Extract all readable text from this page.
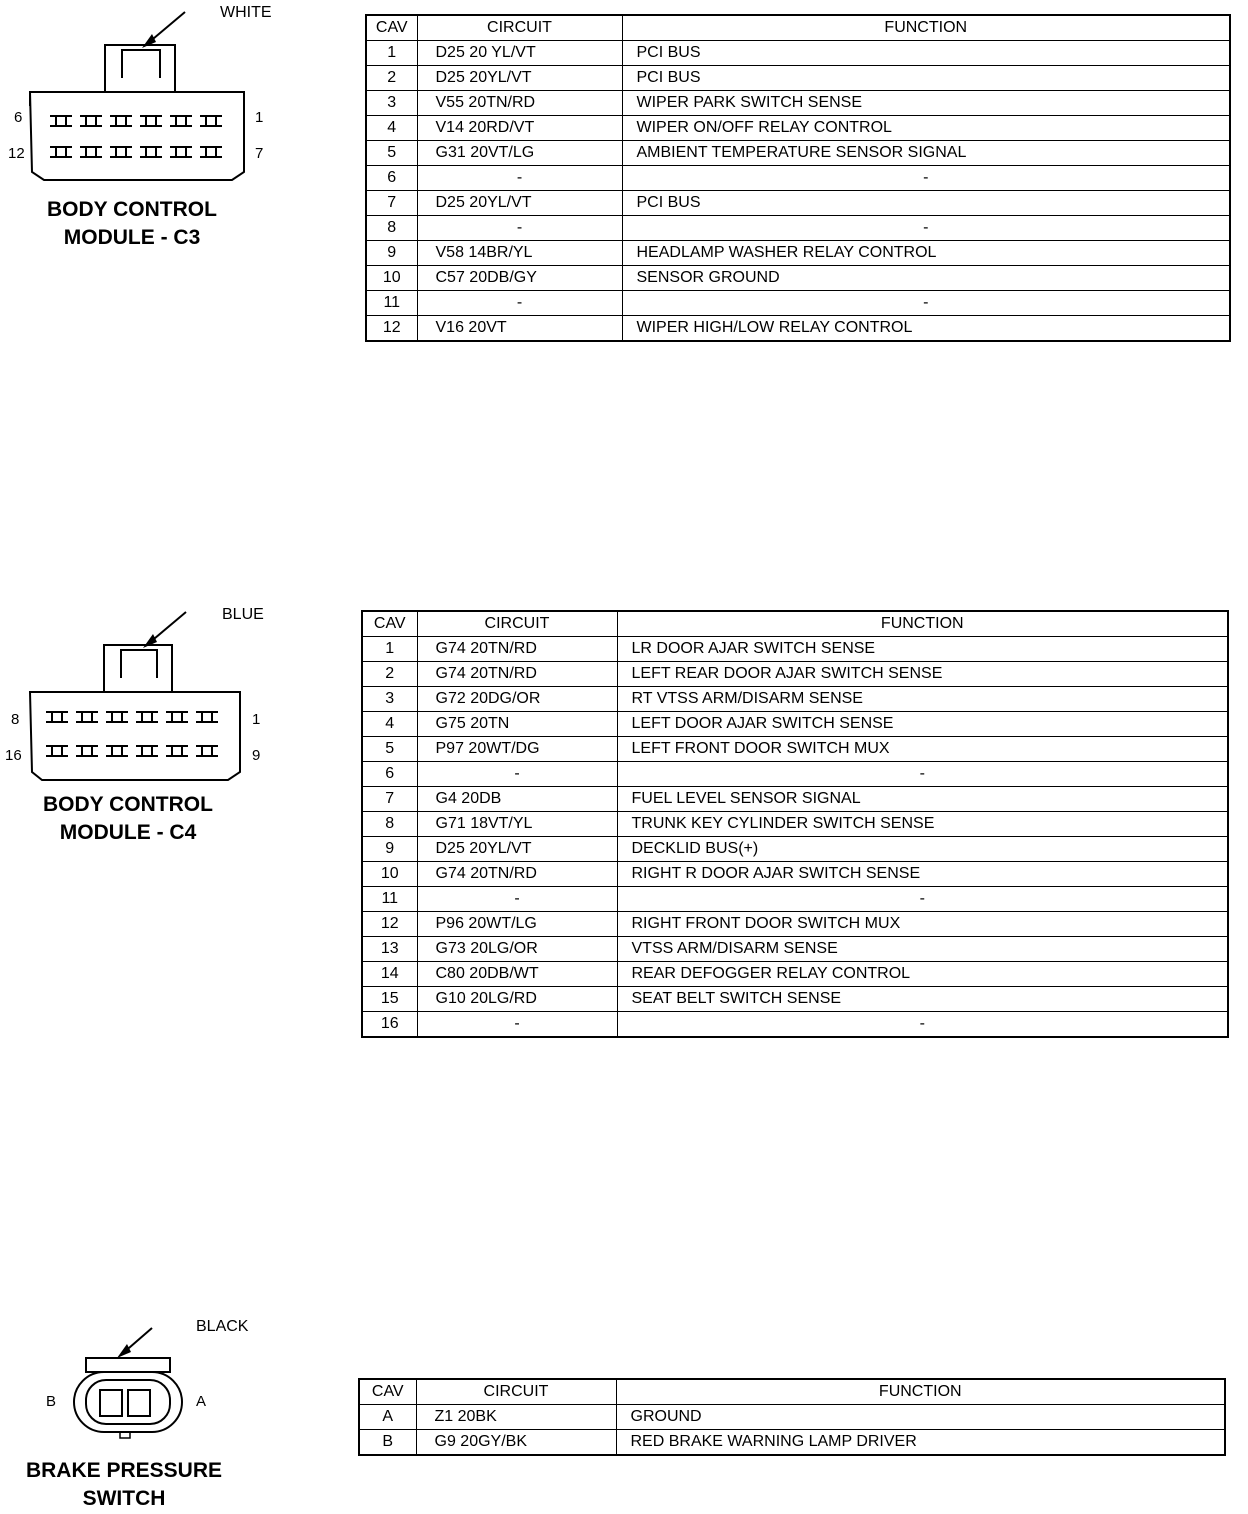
WHITE
6	1
12	7
BODY CONTROL
MODULE - C3
CAV	CIRCUIT	FUNCTION
1	D25 20 YL/VT	PCI BUS
2	D25 20YL/VT	PCI BUS
3	V55 20TN/RD	WIPER PARK SWITCH SENSE
4	V14 20RD/VT	WIPER ON/OFF RELAY CONTROL
5	G31 20VT/LG	AMBIENT TEMPERATURE SENSOR SIGNAL
6	-	-
7	D25 20YL/VT	PCI BUS
8	-	-
9	V58 14BR/YL	HEADLAMP WASHER RELAY CONTROL
10	C57 20DB/GY	SENSOR GROUND
11	-	-
12	V16 20VT	WIPER HIGH/LOW RELAY CONTROL
BLUE
8	1
16	9
BODY CONTROL
MODULE - C4
CAV	CIRCUIT	FUNCTION
1	G74 20TN/RD	LR DOOR AJAR SWITCH SENSE
2	G74 20TN/RD	LEFT REAR DOOR AJAR SWITCH SENSE
3	G72 20DG/OR	RT VTSS ARM/DISARM SENSE
4	G75 20TN	LEFT DOOR AJAR SWITCH SENSE
5	P97 20WT/DG	LEFT FRONT DOOR SWITCH MUX
6	-	-
7	G4 20DB	FUEL LEVEL SENSOR SIGNAL
8	G71 18VT/YL	TRUNK KEY CYLINDER SWITCH SENSE
9	D25 20YL/VT	DECKLID BUS(+)
10	G74 20TN/RD	RIGHT R DOOR AJAR SWITCH SENSE
11	-	-
12	P96 20WT/LG	RIGHT FRONT DOOR SWITCH MUX
13	G73 20LG/OR	VTSS ARM/DISARM SENSE
14	C80 20DB/WT	REAR DEFOGGER RELAY CONTROL
15	G10 20LG/RD	SEAT BELT SWITCH SENSE
16	-	-
BLACK
B	A
BRAKE PRESSURE
SWITCH
CAV	CIRCUIT	FUNCTION
A	Z1 20BK	GROUND
B	G9 20GY/BK	RED BRAKE WARNING LAMP DRIVER
